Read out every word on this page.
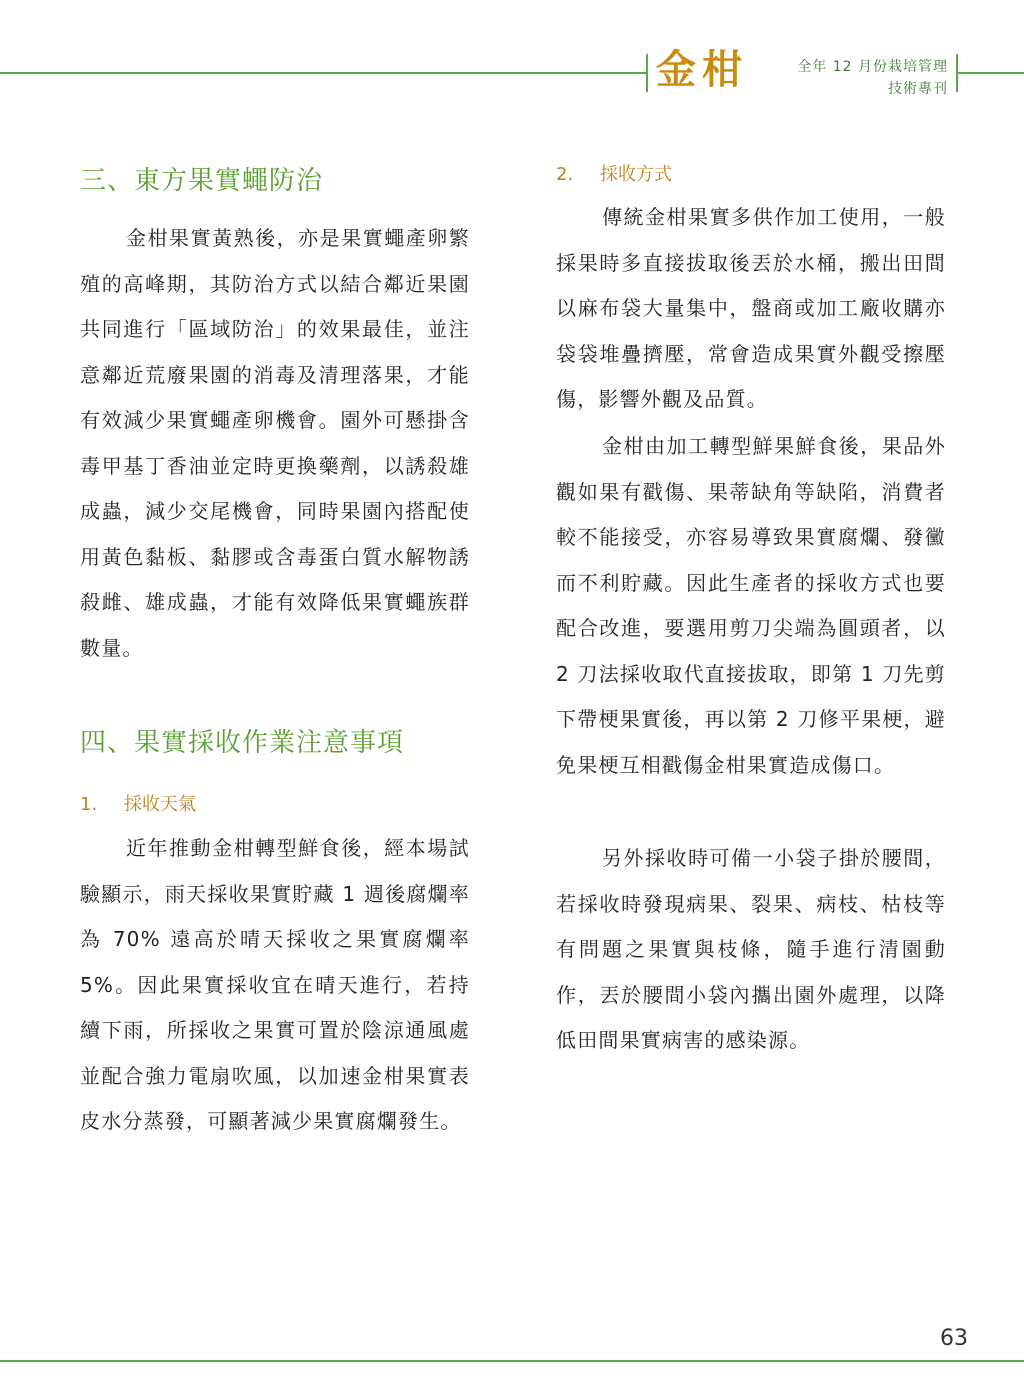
金柑	全年 12 月份栽培管理
技術專刊
三、東方果實蠅防治
金柑果實黃熟後，亦是果實蠅產卵繁殖的高峰期，其防治方式以結合鄰近果園共同進行「區域防治」的效果最佳，並注意鄰近荒廢果園的消毒及清理落果，才能有效減少果實蠅產卵機會。園外可懸掛含毒甲基丁香油並定時更換藥劑，以誘殺雄成蟲，減少交尾機會，同時果園內搭配使用黃色黏板、黏膠或含毒蛋白質水解物誘殺雌、雄成蟲，才能有效降低果實蠅族群數量。
四、果實採收作業注意事項
1. 採收天氣
近年推動金柑轉型鮮食後，經本場試驗顯示，雨天採收果實貯藏 1 週後腐爛率為 70% 遠高於晴天採收之果實腐爛率 5%。因此果實採收宜在晴天進行，若持續下雨，所採收之果實可置於陰涼通風處並配合強力電扇吹風，以加速金柑果實表皮水分蒸發，可顯著減少果實腐爛發生。
2. 採收方式
傳統金柑果實多供作加工使用，一般採果時多直接拔取後丟於水桶，搬出田間以麻布袋大量集中，盤商或加工廠收購亦袋袋堆疊擠壓，常會造成果實外觀受擦壓傷，影響外觀及品質。
金柑由加工轉型鮮果鮮食後，果品外觀如果有戳傷、果蒂缺角等缺陷，消費者較不能接受，亦容易導致果實腐爛、發黴而不利貯藏。因此生產者的採收方式也要配合改進，要選用剪刀尖端為圓頭者，以 2 刀法採收取代直接拔取，即第 1 刀先剪下帶梗果實後，再以第 2 刀修平果梗，避免果梗互相戳傷金柑果實造成傷口。
另外採收時可備一小袋子掛於腰間，若採收時發現病果、裂果、病枝、枯枝等有問題之果實與枝條，隨手進行清園動作，丟於腰間小袋內攜出園外處理，以降低田間果實病害的感染源。
63
